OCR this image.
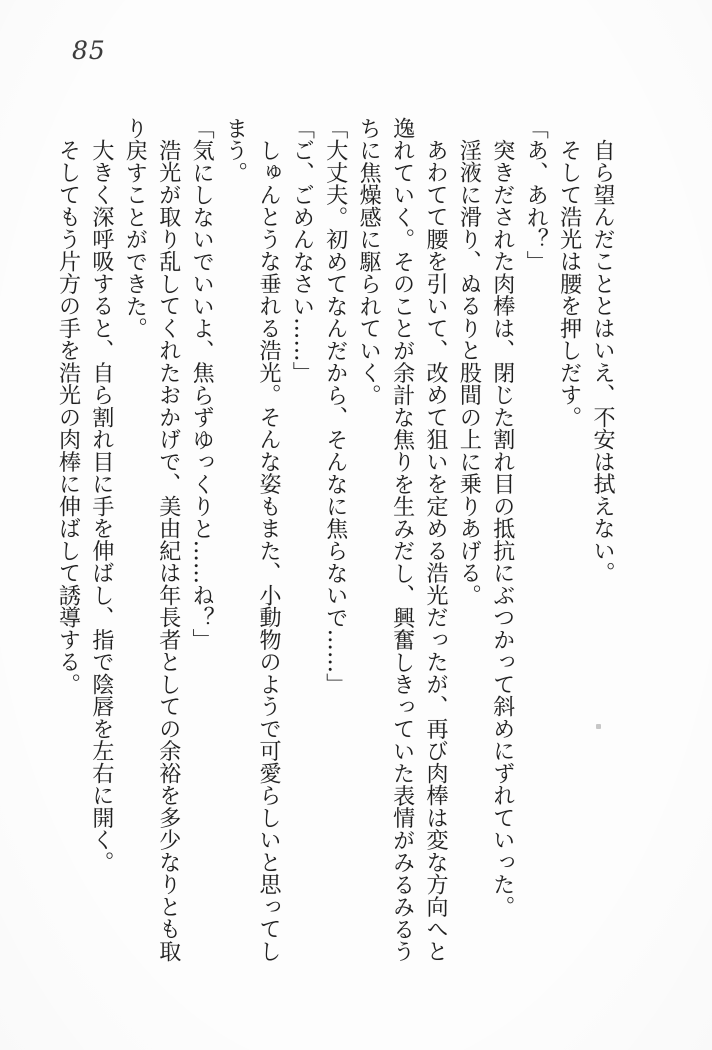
85

自ら望んだこととはいえ、不安は拭えない。

そして浩光は腰を押しだす。

「あ、あれ？」

突きだされた肉棒は、閉じた割れ目の抵抗にぶつかって斜めにずれていった。

淫液に滑り、ぬるりと股間の上に乗りあげる。

あわてて腰を引いて、改めて狙いを定める浩光だったが、再び肉棒は変な方向へと逸れていく。そのことが余計な焦りを生みだし、興奮しきっていた表情がみるみるうちに焦燥感に駆られていく。

「大丈夫。初めてなんだから、そんなに焦らないで……」

「ご、ごめんなさい……」

しゅんとうな垂れる浩光。そんな姿もまた、小動物のようで可愛らしいと思ってしまう。

「気にしないでいいよ、焦らずゆっくりと……ね？」

浩光が取り乱してくれたおかげで、美由紀は年長者としての余裕を多少なりとも取り戻すことができた。

大きく深呼吸すると、自ら割れ目に手を伸ばし、指で陰唇を左右に開く。

そしてもう片方の手を浩光の肉棒に伸ばして誘導する。
